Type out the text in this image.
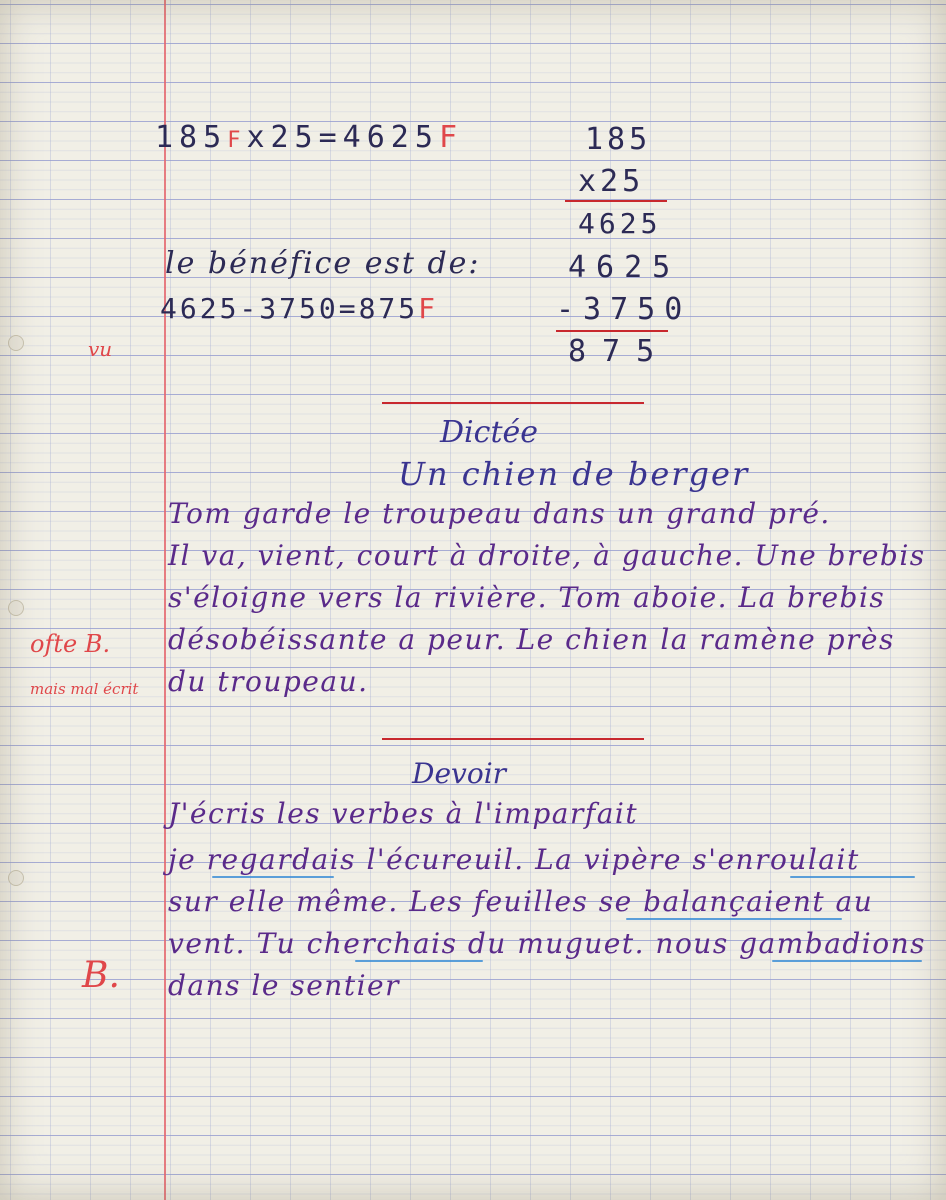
185Fx25=4625F	185
x25
4625
le bénéfice est de:	4625
4625-3750=875F	-3750
875
vu
Dictée
Un chien de berger
Tom garde le troupeau dans un grand pré.
Il va, vient, court à droite, à gauche. Une brebis
s'éloigne vers la rivière. Tom aboie. La brebis
désobéissante a peur. Le chien la ramène près
du troupeau.
ofte B.
mais mal écrit
Devoir
J'écris les verbes à l'imparfait
je regardais l'écureuil. La vipère s'enroulait
sur elle même. Les feuilles se balançaient au
vent. Tu cherchais du muguet. nous gambadions
dans le sentier
B.
